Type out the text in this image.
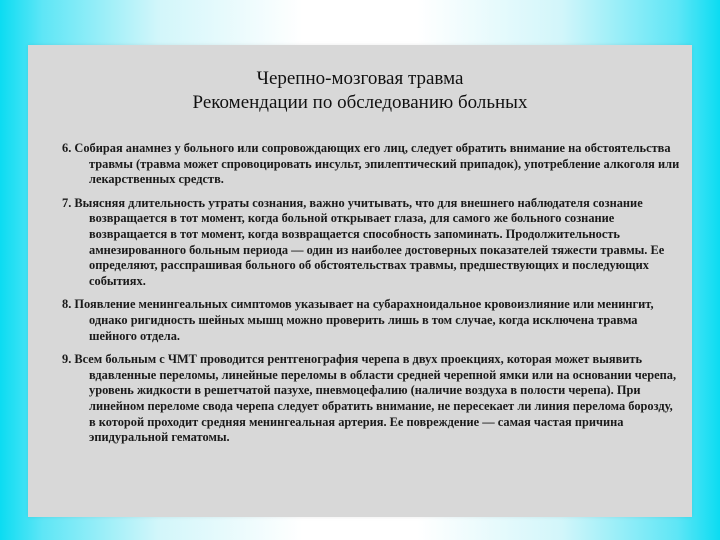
Черепно-мозговая травма
Рекомендации по обследованию больных
6. Собирая анамнез у больного или сопровождающих его лиц, следует обратить внимание на обстоятельства травмы (травма может спровоцировать инсульт, эпилептический припадок), употребление алкоголя или лекарственных средств.
7. Выясняя длительность утраты сознания, важно учитывать, что для внешнего наблюдателя сознание возвращается в тот момент, когда больной открывает глаза, для самого же больного сознание возвращается в тот момент, когда возвращается способность запоминать. Продолжительность амнезированного больным периода — один из наиболее достоверных показателей тяжести травмы. Ее определяют, расспрашивая больного об обстоятельствах травмы, предшествующих и последующих событиях.
8. Появление менингеальных симптомов указывает на субарахноидальное кровоизлияние или менингит, однако ригидность шейных мышц можно проверить лишь в том случае, когда исключена травма шейного отдела.
9. Всем больным с ЧМТ проводится рентгенография черепа в двух проекциях, которая может выявить вдавленные переломы, линейные переломы в области средней черепной ямки или на основании черепа, уровень жидкости в решетчатой пазухе, пневмоцефалию (наличие воздуха в полости черепа). При линейном переломе свода черепа следует обратить внимание, не пересекает ли линия перелома борозду, в которой проходит средняя менингеальная артерия. Ее повреждение — самая частая причина эпидуральной гематомы.
